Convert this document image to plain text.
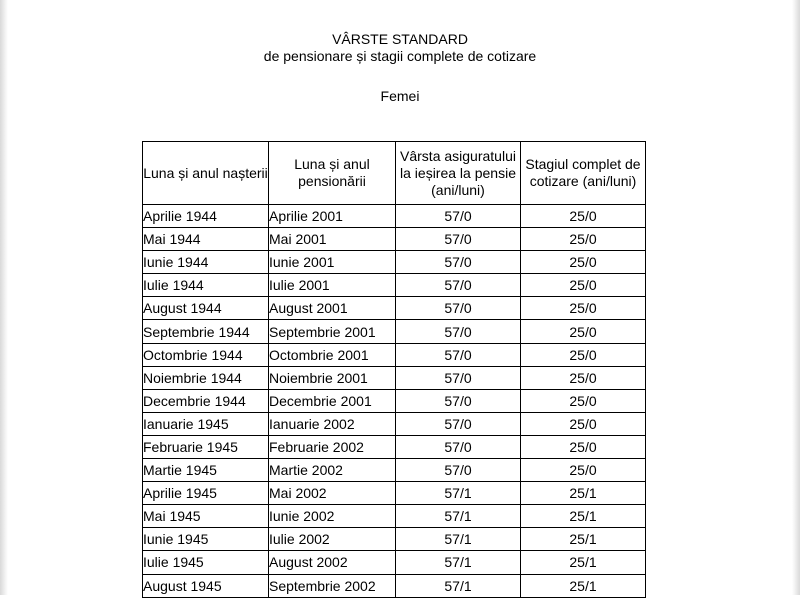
VÂRSTE STANDARD
de pensionare și stagii complete de cotizare
Femei
Luna și anul nașterii	Luna și anul pensionării	Vârsta asiguratului la ieșirea la pensie (ani/luni)	Stagiul complet de cotizare (ani/luni)
Aprilie 1944	Aprilie 2001	57/0	25/0
Mai 1944	Mai 2001	57/0	25/0
Iunie 1944	Iunie 2001	57/0	25/0
Iulie 1944	Iulie 2001	57/0	25/0
August 1944	August 2001	57/0	25/0
Septembrie 1944	Septembrie 2001	57/0	25/0
Octombrie 1944	Octombrie 2001	57/0	25/0
Noiembrie 1944	Noiembrie 2001	57/0	25/0
Decembrie 1944	Decembrie 2001	57/0	25/0
Ianuarie 1945	Ianuarie 2002	57/0	25/0
Februarie 1945	Februarie 2002	57/0	25/0
Martie 1945	Martie 2002	57/0	25/0
Aprilie 1945	Mai 2002	57/1	25/1
Mai 1945	Iunie 2002	57/1	25/1
Iunie 1945	Iulie 2002	57/1	25/1
Iulie 1945	August 2002	57/1	25/1
August 1945	Septembrie 2002	57/1	25/1
